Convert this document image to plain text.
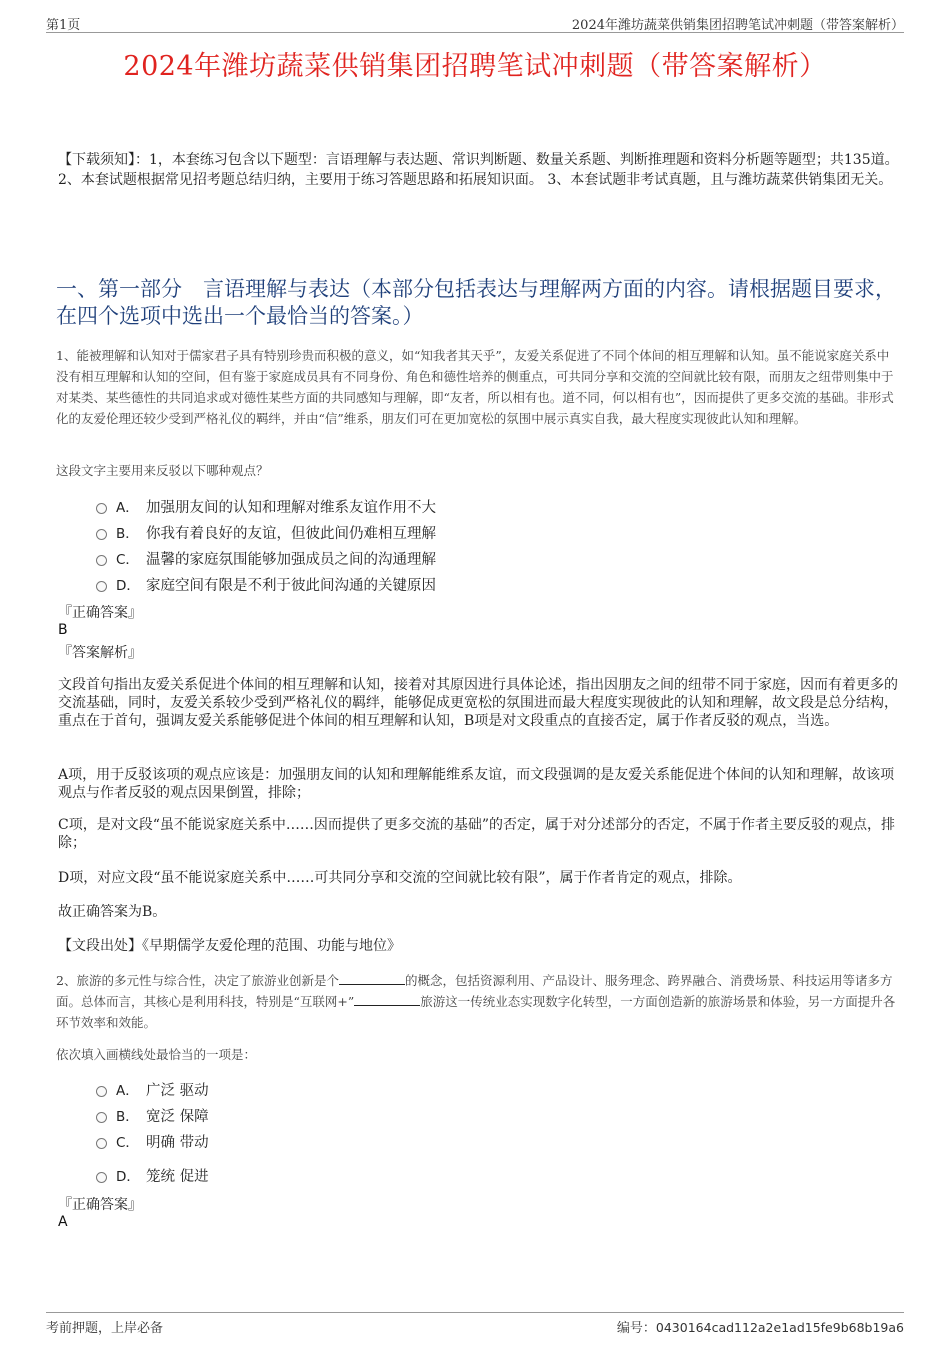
第1页	2024年潍坊蔬菜供销集团招聘笔试冲刺题（带答案解析）
2024年潍坊蔬菜供销集团招聘笔试冲刺题（带答案解析）
【下载须知】：1，本套练习包含以下题型：言语理解与表达题、常识判断题、数量关系题、判断推理题和资料分析题等题型；共135道。 2、本套试题根据常见招考题总结归纳，主要用于练习答题思路和拓展知识面。 3、本套试题非考试真题，且与潍坊蔬菜供销集团无关。
一、第一部分　言语理解与表达（本部分包括表达与理解两方面的内容。请根据题目要求，在四个选项中选出一个最恰当的答案。）
1、能被理解和认知对于儒家君子具有特别珍贵而积极的意义，如“知我者其天乎”，友爱关系促进了不同个体间的相互理解和认知。虽不能说家庭关系中没有相互理解和认知的空间，但有鉴于家庭成员具有不同身份、角色和德性培养的侧重点，可共同分享和交流的空间就比较有限，而朋友之纽带则集中于对某类、某些德性的共同追求或对德性某些方面的共同感知与理解，即“友者，所以相有也。道不同，何以相有也”，因而提供了更多交流的基础。非形式化的友爱伦理还较少受到严格礼仪的羁绊，并由“信”维系，朋友们可在更加宽松的氛围中展示真实自我，最大程度实现彼此认知和理解。
这段文字主要用来反驳以下哪种观点？
A． 加强朋友间的认知和理解对维系友谊作用不大
B． 你我有着良好的友谊，但彼此间仍难相互理解
C． 温馨的家庭氛围能够加强成员之间的沟通理解
D． 家庭空间有限是不利于彼此间沟通的关键原因
『正确答案』
B
『答案解析』
文段首句指出友爱关系促进个体间的相互理解和认知，接着对其原因进行具体论述，指出因朋友之间的纽带不同于家庭，因而有着更多的交流基础，同时，友爱关系较少受到严格礼仪的羁绊，能够促成更宽松的氛围进而最大程度实现彼此的认知和理解，故文段是总分结构，重点在于首句，强调友爱关系能够促进个体间的相互理解和认知，B项是对文段重点的直接否定，属于作者反驳的观点，当选。
A项，用于反驳该项的观点应该是：加强朋友间的认知和理解能维系友谊，而文段强调的是友爱关系能促进个体间的认知和理解，故该项观点与作者反驳的观点因果倒置，排除；
C项，是对文段“虽不能说家庭关系中……因而提供了更多交流的基础”的否定，属于对分述部分的否定，不属于作者主要反驳的观点，排除；
D项，对应文段“虽不能说家庭关系中……可共同分享和交流的空间就比较有限”，属于作者肯定的观点，排除。
故正确答案为B。
【文段出处】《早期儒学友爱伦理的范围、功能与地位》
2、旅游的多元性与综合性，决定了旅游业创新是个	的概念，包括资源利用、产品设计、服务理念、跨界融合、消费场景、科技运用等诸多方面。总体而言，其核心是利用科技，特别是“互联网+”	旅游这一传统业态实现数字化转型，一方面创造新的旅游场景和体验，另一方面提升各环节效率和效能。
依次填入画横线处最恰当的一项是：
A． 广泛 驱动
B． 宽泛 保障
C． 明确 带动
D． 笼统 促进
『正确答案』
A
考前押题，上岸必备	编号：0430164cad112a2e1ad15fe9b68b19a6
